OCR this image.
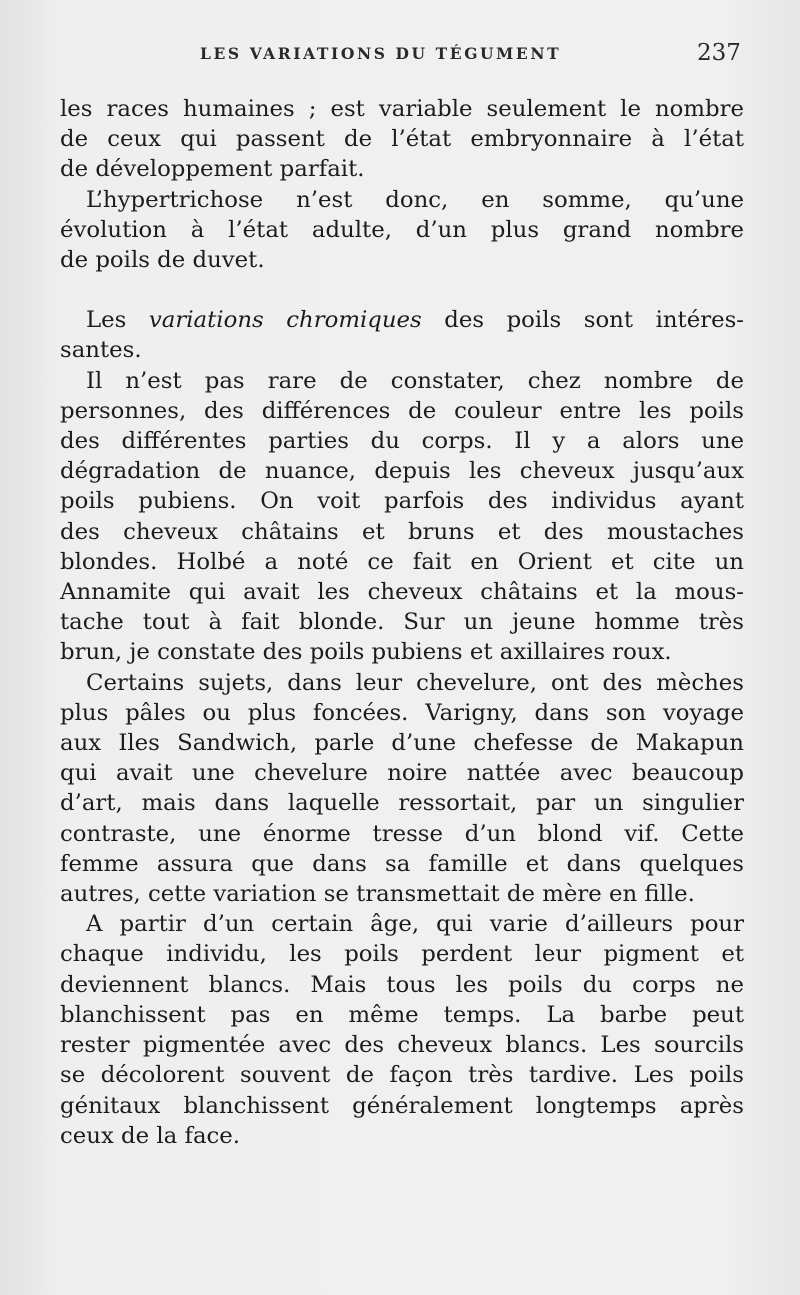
LES VARIATIONS DU TÉGUMENT	237
les races humaines ; est variable seulement le nombre
de ceux qui passent de l’état embryonnaire à l’état
de développement parfait.
L’hypertrichose n’est donc, en somme, qu’une
évolution à l’état adulte, d’un plus grand nombre
de poils de duvet.
Les variations chromiques des poils sont intéres-
santes.
Il n’est pas rare de constater, chez nombre de
personnes, des différences de couleur entre les poils
des différentes parties du corps. Il y a alors une
dégradation de nuance, depuis les cheveux jusqu’aux
poils pubiens. On voit parfois des individus ayant
des cheveux châtains et bruns et des moustaches
blondes. Holbé a noté ce fait en Orient et cite un
Annamite qui avait les cheveux châtains et la mous-
tache tout à fait blonde. Sur un jeune homme très
brun, je constate des poils pubiens et axillaires roux.
Certains sujets, dans leur chevelure, ont des mèches
plus pâles ou plus foncées. Varigny, dans son voyage
aux Iles Sandwich, parle d’une chefesse de Makapun
qui avait une chevelure noire nattée avec beaucoup
d’art, mais dans laquelle ressortait, par un singulier
contraste, une énorme tresse d’un blond vif. Cette
femme assura que dans sa famille et dans quelques
autres, cette variation se transmettait de mère en fille.
A partir d’un certain âge, qui varie d’ailleurs pour
chaque individu, les poils perdent leur pigment et
deviennent blancs. Mais tous les poils du corps ne
blanchissent pas en même temps. La barbe peut
rester pigmentée avec des cheveux blancs. Les sourcils
se décolorent souvent de façon très tardive. Les poils
génitaux blanchissent généralement longtemps après
ceux de la face.
